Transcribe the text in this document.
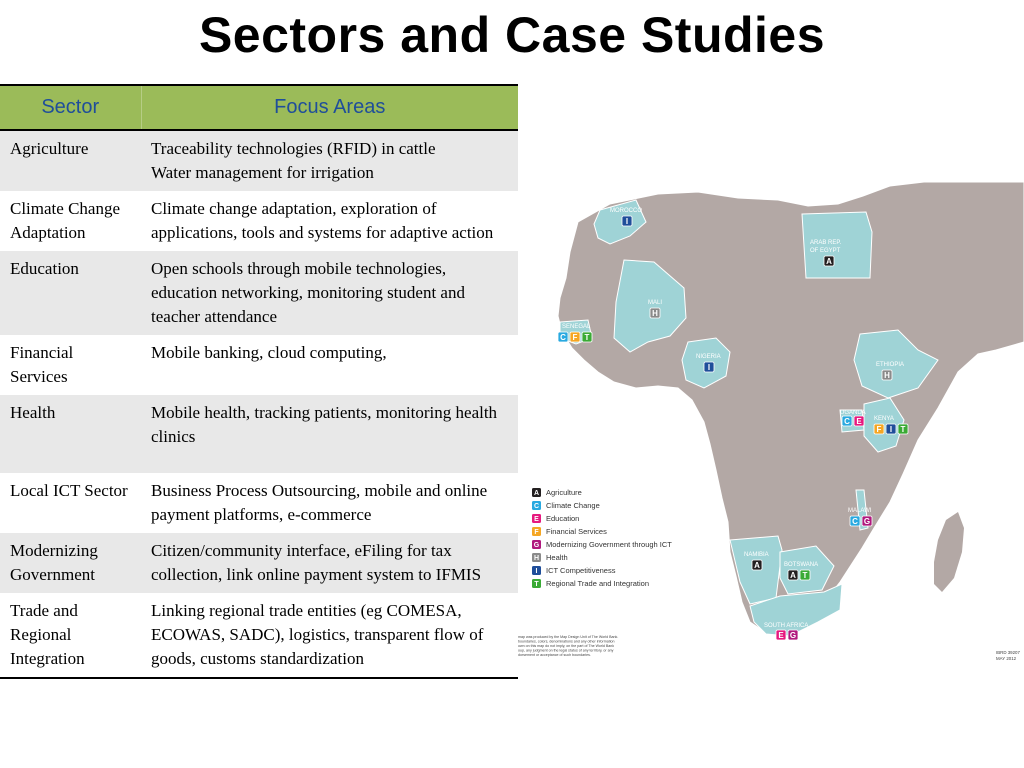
Sectors and Case Studies
Sector	Focus Areas
Agriculture	Traceability technologies (RFID) in cattle
Water management for irrigation
Climate Change Adaptation	Climate change adaptation, exploration of applications, tools and systems for adaptive action
Education	Open schools through mobile technologies, education networking, monitoring student and teacher attendance
Financial Services	Mobile banking, cloud computing,
Health	Mobile health, tracking patients, monitoring health clinics
Local ICT Sector	Business Process Outsourcing, mobile and online payment platforms, e-commerce
Modernizing Government	Citizen/community interface, eFiling for tax collection, link online payment system to IFMIS
Trade and Regional Integration	Linking regional trade entities (eg COMESA, ECOWAS, SADC), logistics, transparent flow of goods, customs standardization
MOROCCO
ARAB REP.
OF EGYPT
MALI
SENEGAL
NIGERIA
ETHIOPIA
UGANDA
KENYA
MALAWI
NAMIBIA
BOTSWANA
SOUTH AFRICA
I
A
H
C F T
I
H
C E
F I T
C G
A
A T
E G
A Agriculture
C Climate Change
E Education
F Financial Services
G Modernizing Government through ICT
H Health
I ICT Competitiveness
T Regional Trade and Integration
map was produced by the Map Design Unit of The World Bank.
boundaries, colors, denominations and any other information
own on this map do not imply, on the part of The World Bank
oup, any judgment on the legal status of any territory, or any
dorsement or acceptance of such boundaries.	IBRD 39207
MAY 2012
